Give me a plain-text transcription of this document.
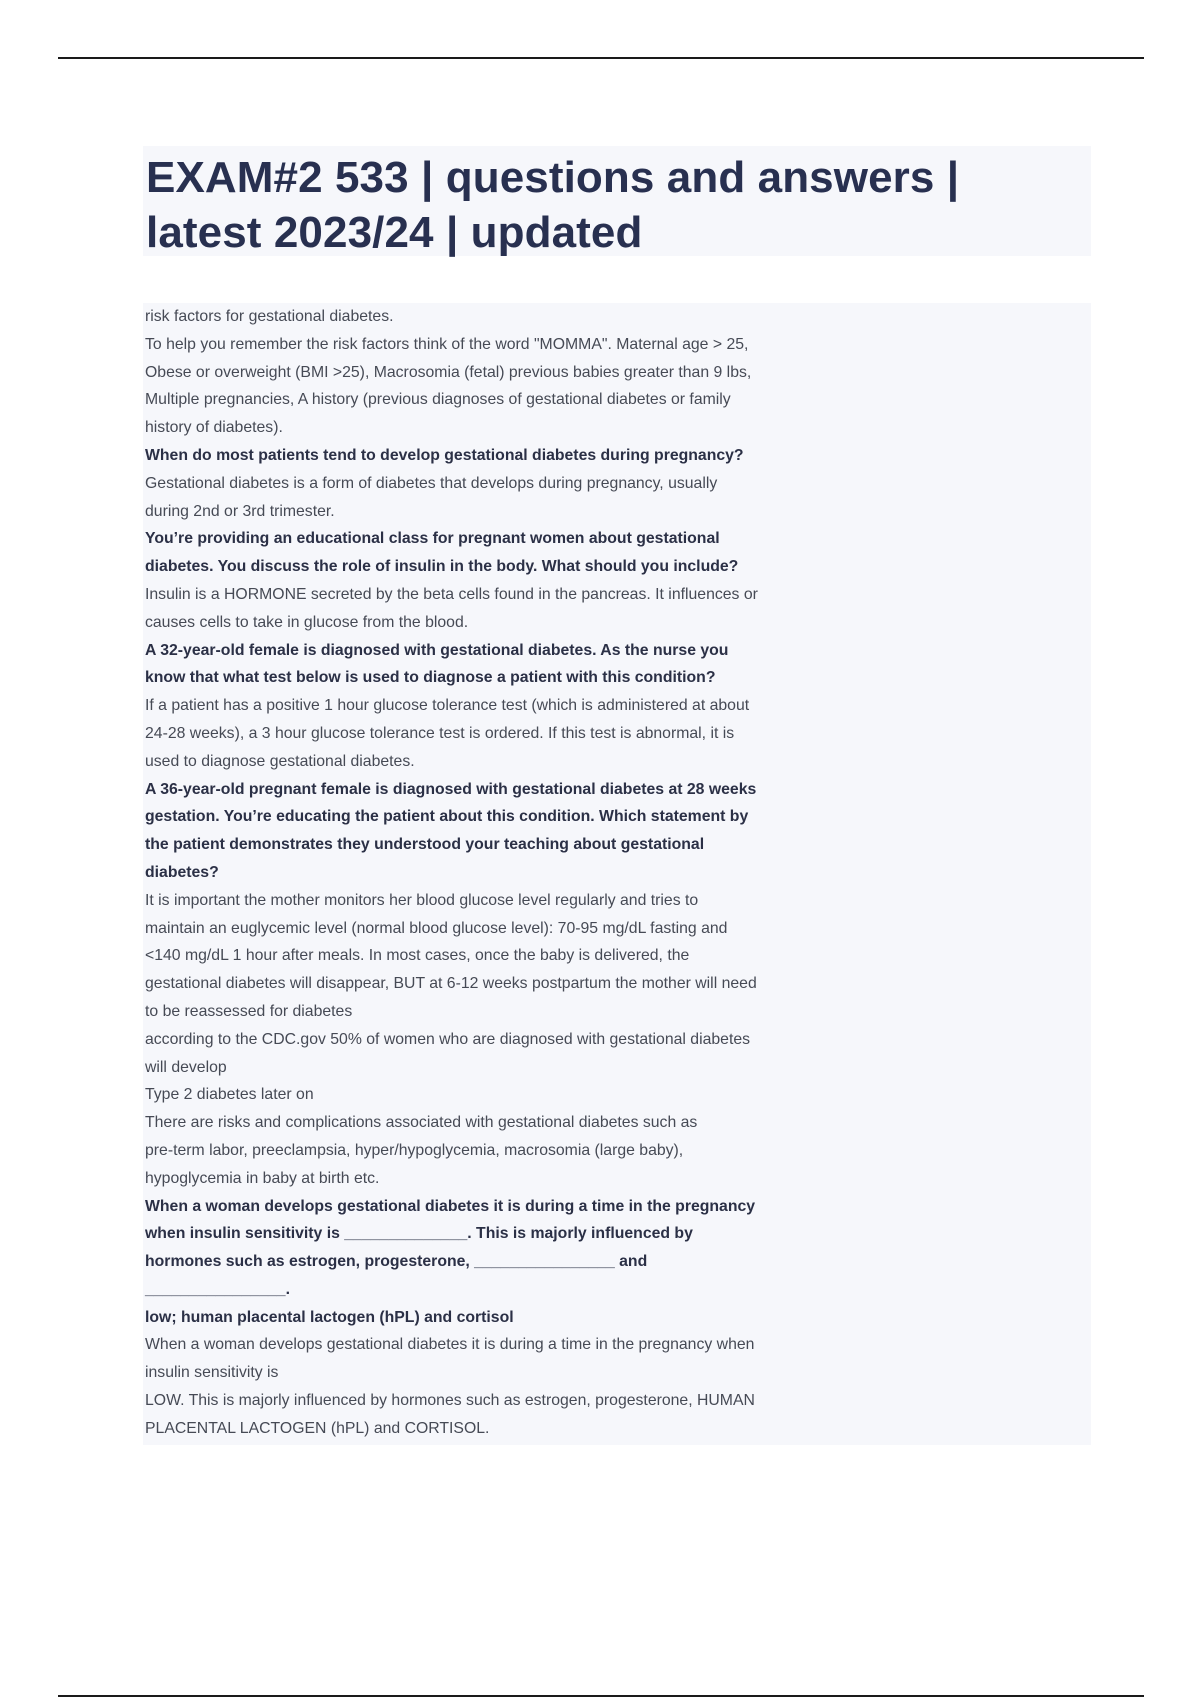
EXAM#2 533 | questions and answers |
latest 2023/24 | updated
risk factors for gestational diabetes.
To help you remember the risk factors think of the word "MOMMA". Maternal age > 25,
Obese or overweight (BMI >25), Macrosomia (fetal) previous babies greater than 9 lbs,
Multiple pregnancies, A history (previous diagnoses of gestational diabetes or family
history of diabetes).
When do most patients tend to develop gestational diabetes during pregnancy?
Gestational diabetes is a form of diabetes that develops during pregnancy, usually
during 2nd or 3rd trimester.
You’re providing an educational class for pregnant women about gestational
diabetes. You discuss the role of insulin in the body. What should you include?
Insulin is a HORMONE secreted by the beta cells found in the pancreas. It influences or
causes cells to take in glucose from the blood.
A 32-year-old female is diagnosed with gestational diabetes. As the nurse you
know that what test below is used to diagnose a patient with this condition?
If a patient has a positive 1 hour glucose tolerance test (which is administered at about
24-28 weeks), a 3 hour glucose tolerance test is ordered. If this test is abnormal, it is
used to diagnose gestational diabetes.
A 36-year-old pregnant female is diagnosed with gestational diabetes at 28 weeks
gestation. You’re educating the patient about this condition. Which statement by
the patient demonstrates they understood your teaching about gestational
diabetes?
It is important the mother monitors her blood glucose level regularly and tries to
maintain an euglycemic level (normal blood glucose level): 70-95 mg/dL fasting and
<140 mg/dL 1 hour after meals. In most cases, once the baby is delivered, the
gestational diabetes will disappear, BUT at 6-12 weeks postpartum the mother will need
to be reassessed for diabetes
according to the CDC.gov 50% of women who are diagnosed with gestational diabetes
will develop
Type 2 diabetes later on
There are risks and complications associated with gestational diabetes such as
pre-term labor, preeclampsia, hyper/hypoglycemia, macrosomia (large baby),
hypoglycemia in baby at birth etc.
When a woman develops gestational diabetes it is during a time in the pregnancy
when insulin sensitivity is ______________. This is majorly influenced by
hormones such as estrogen, progesterone, ________________ and
________________.
low; human placental lactogen (hPL) and cortisol
When a woman develops gestational diabetes it is during a time in the pregnancy when
insulin sensitivity is
LOW. This is majorly influenced by hormones such as estrogen, progesterone, HUMAN
PLACENTAL LACTOGEN (hPL) and CORTISOL.
